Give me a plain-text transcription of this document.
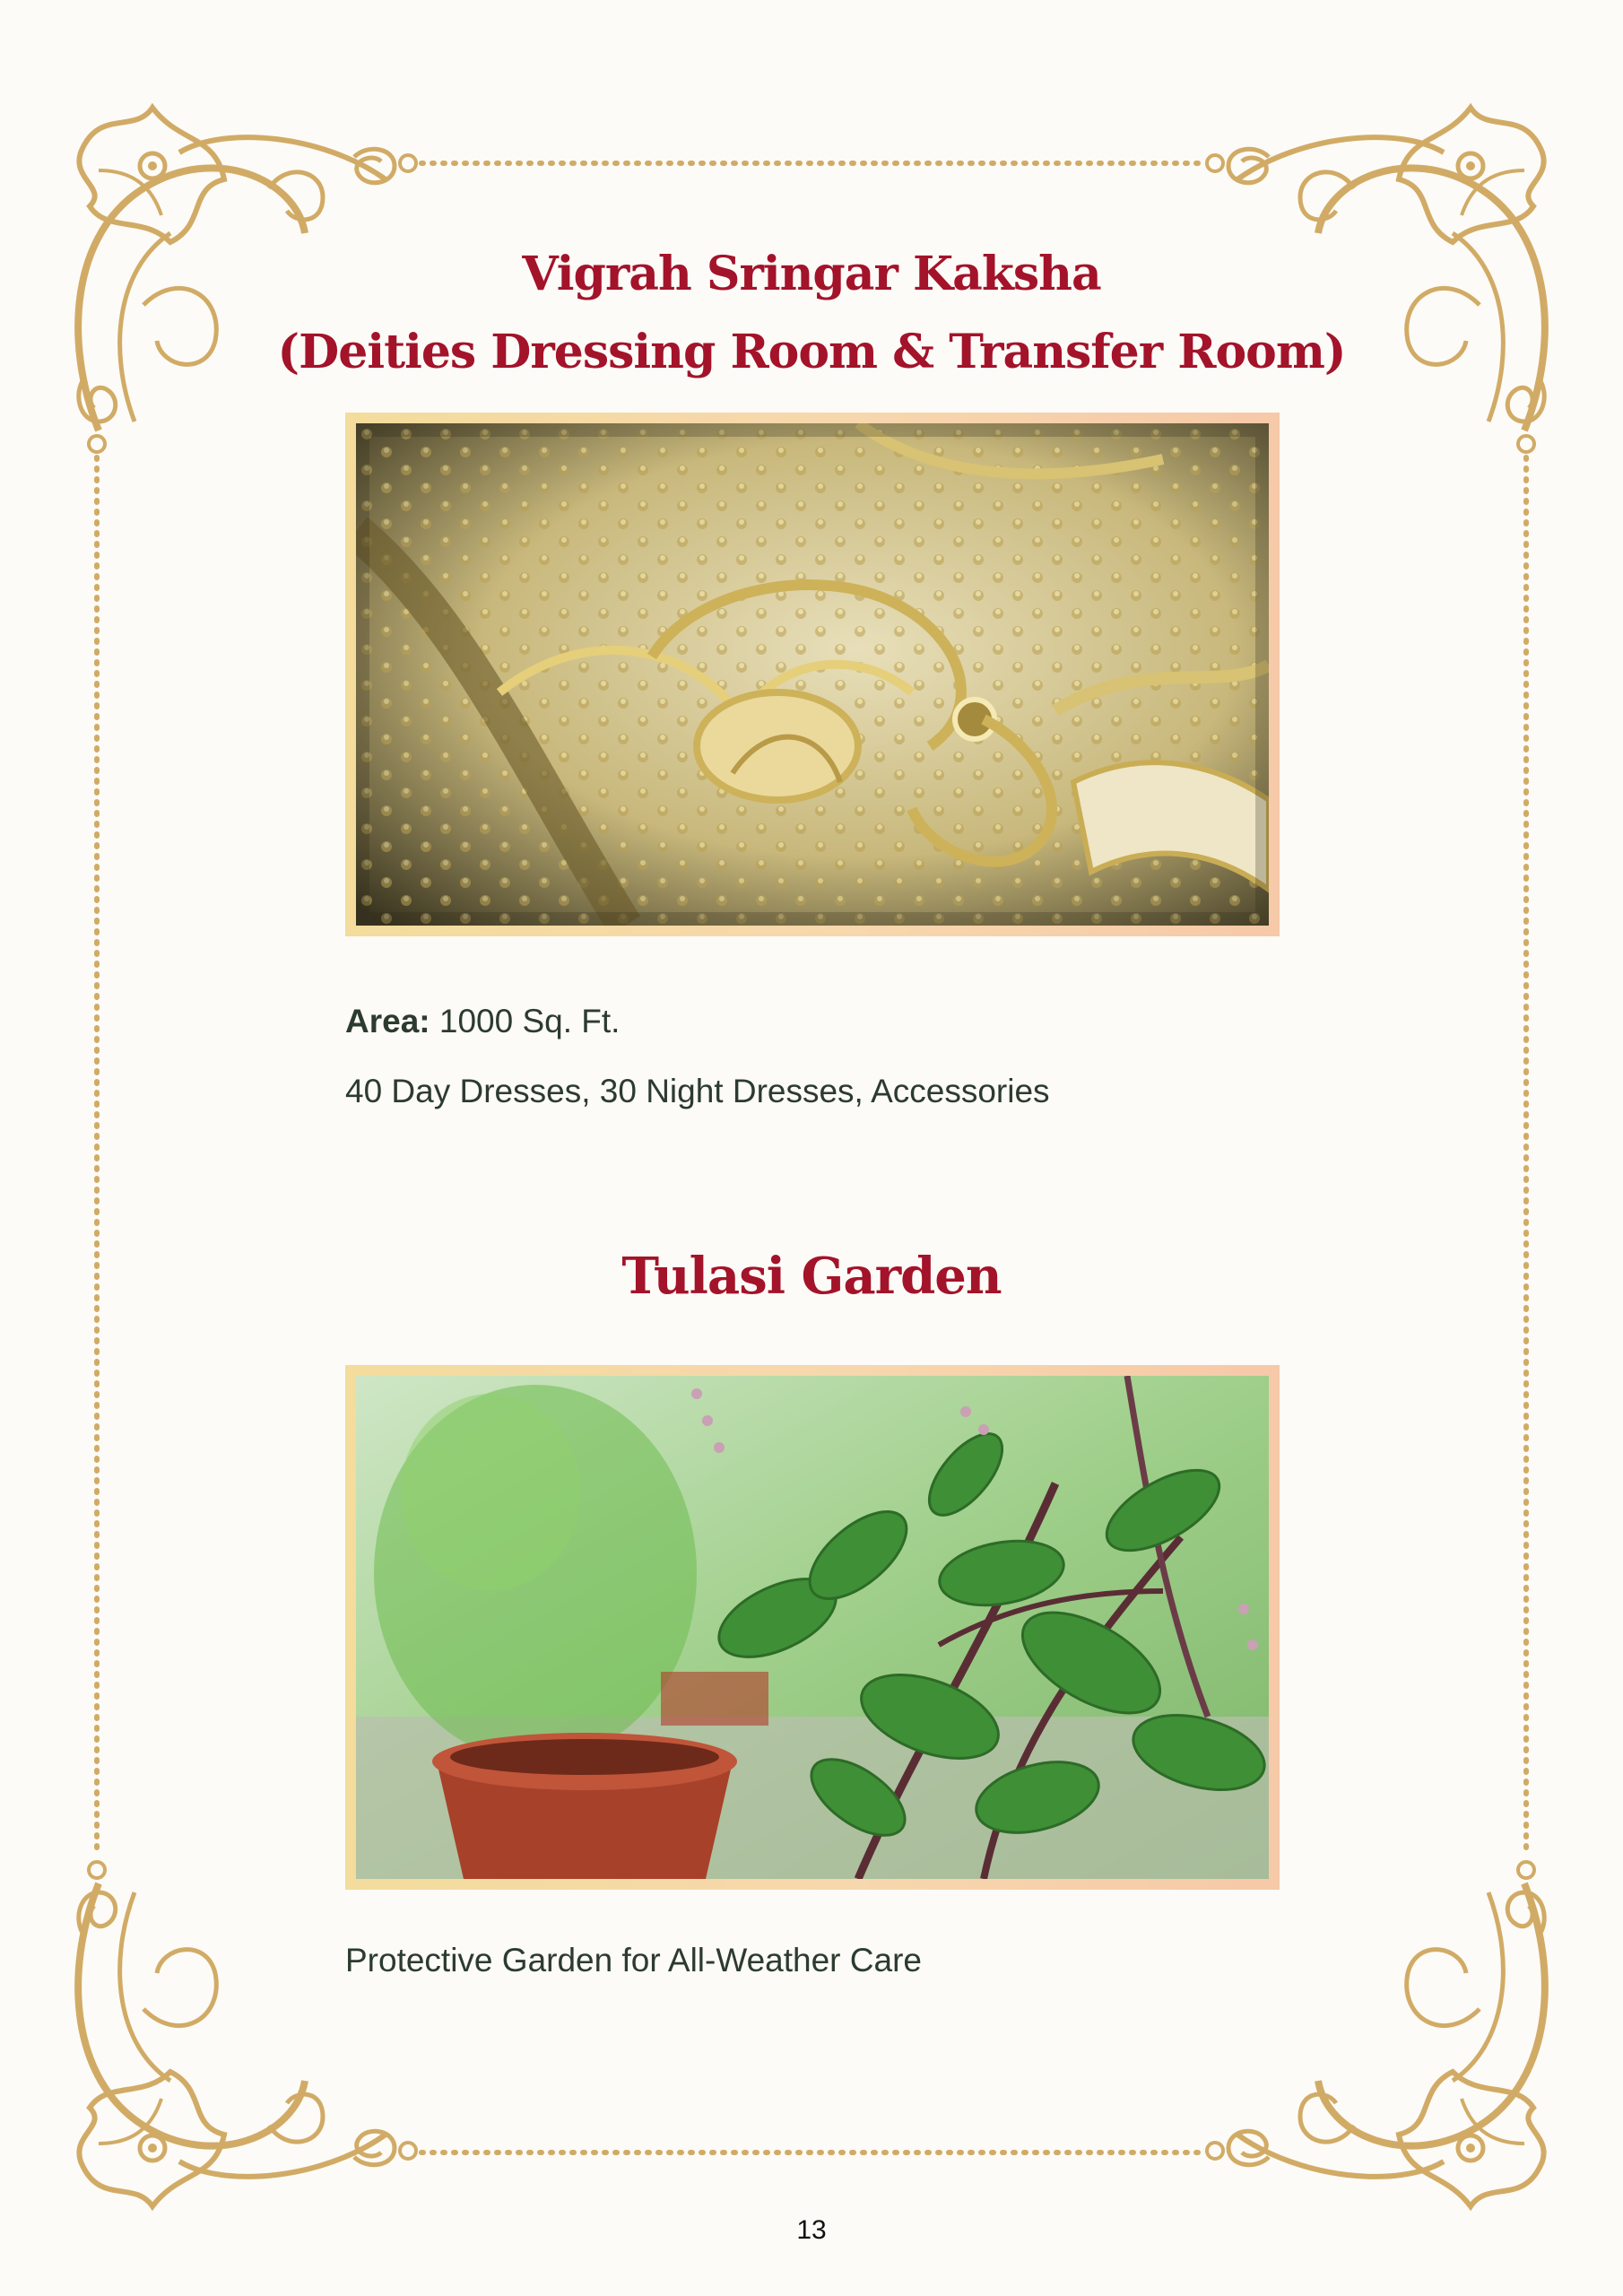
Vigrah Sringar Kaksha
(Deities Dressing Room & Transfer Room)

Area: 1000 Sq. Ft.

40 Day Dresses, 30 Night Dresses, Accessories

Tulasi Garden

Protective Garden for All-Weather Care

13
